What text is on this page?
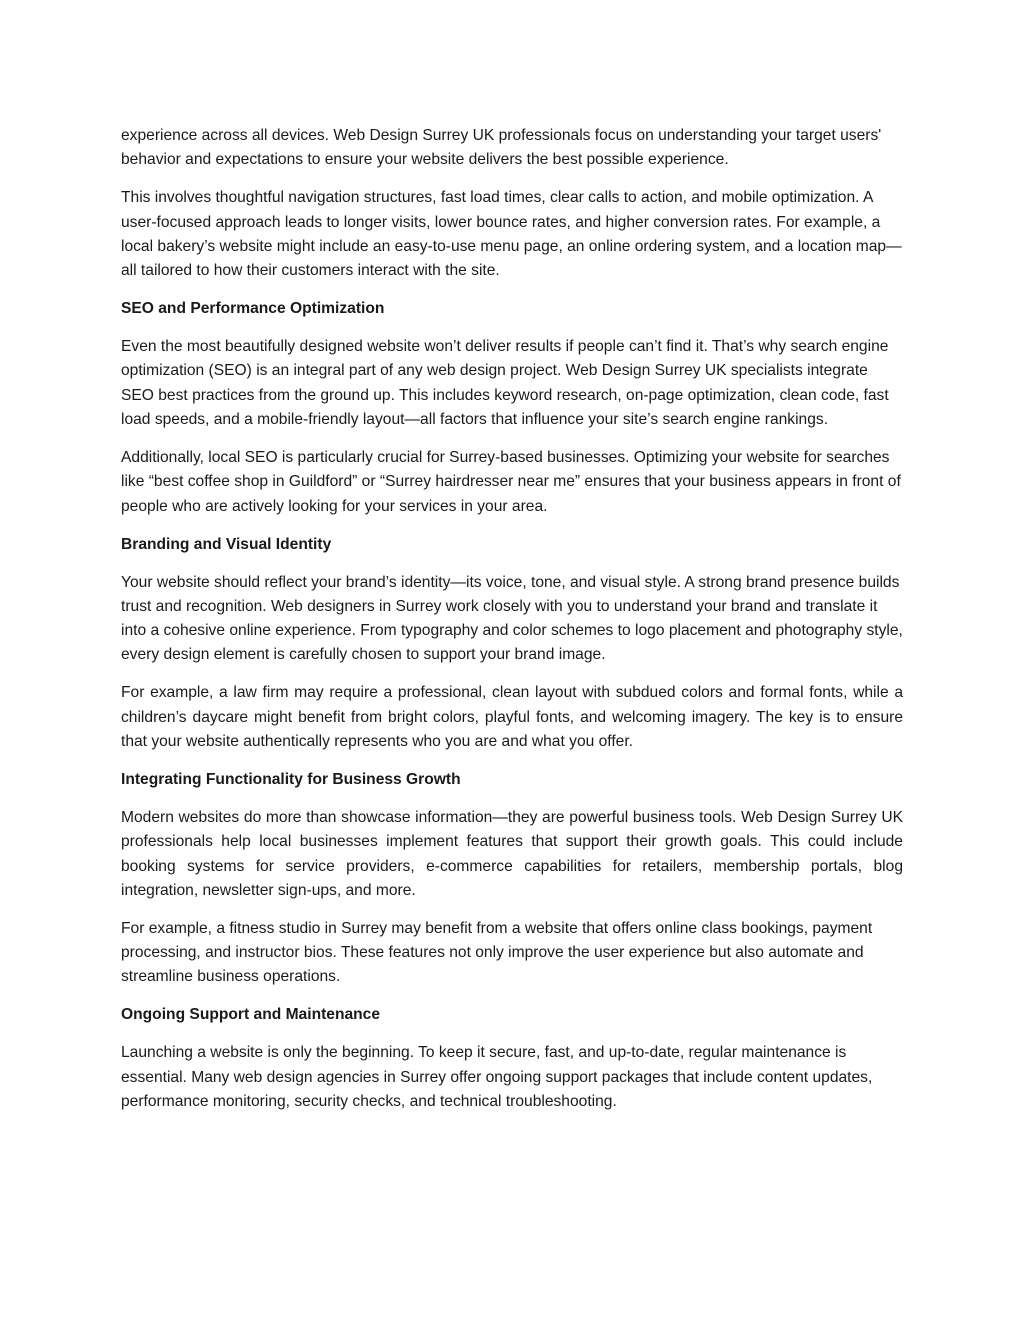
experience across all devices. Web Design Surrey UK professionals focus on understanding your target users' behavior and expectations to ensure your website delivers the best possible experience.

This involves thoughtful navigation structures, fast load times, clear calls to action, and mobile optimization. A user-focused approach leads to longer visits, lower bounce rates, and higher conversion rates. For example, a local bakery’s website might include an easy-to-use menu page, an online ordering system, and a location map—all tailored to how their customers interact with the site.

SEO and Performance Optimization

Even the most beautifully designed website won’t deliver results if people can’t find it. That’s why search engine optimization (SEO) is an integral part of any web design project. Web Design Surrey UK specialists integrate SEO best practices from the ground up. This includes keyword research, on-page optimization, clean code, fast load speeds, and a mobile-friendly layout—all factors that influence your site’s search engine rankings.

Additionally, local SEO is particularly crucial for Surrey-based businesses. Optimizing your website for searches like “best coffee shop in Guildford” or “Surrey hairdresser near me” ensures that your business appears in front of people who are actively looking for your services in your area.

Branding and Visual Identity

Your website should reflect your brand’s identity—its voice, tone, and visual style. A strong brand presence builds trust and recognition. Web designers in Surrey work closely with you to understand your brand and translate it into a cohesive online experience. From typography and color schemes to logo placement and photography style, every design element is carefully chosen to support your brand image.

For example, a law firm may require a professional, clean layout with subdued colors and formal fonts, while a children’s daycare might benefit from bright colors, playful fonts, and welcoming imagery. The key is to ensure that your website authentically represents who you are and what you offer.

Integrating Functionality for Business Growth

Modern websites do more than showcase information—they are powerful business tools. Web Design Surrey UK professionals help local businesses implement features that support their growth goals. This could include booking systems for service providers, e-commerce capabilities for retailers, membership portals, blog integration, newsletter sign-ups, and more.

For example, a fitness studio in Surrey may benefit from a website that offers online class bookings, payment processing, and instructor bios. These features not only improve the user experience but also automate and streamline business operations.

Ongoing Support and Maintenance

Launching a website is only the beginning. To keep it secure, fast, and up-to-date, regular maintenance is essential. Many web design agencies in Surrey offer ongoing support packages that include content updates, performance monitoring, security checks, and technical troubleshooting.
